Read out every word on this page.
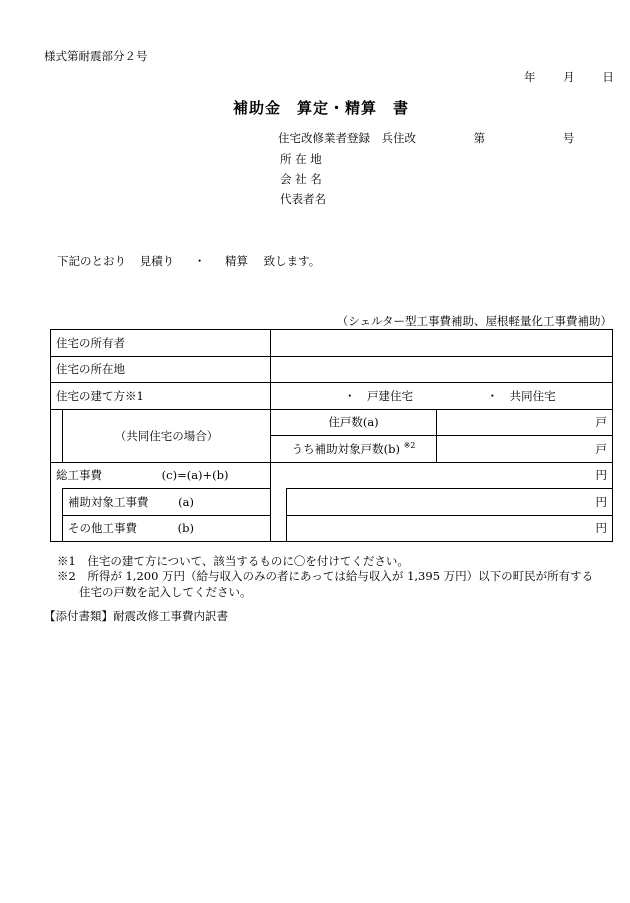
様式第耐震部分２号
年 月 日
補助金　算定・精算　書
住宅改修業者登録　兵住改	第	号
所 在 地
会 社 名
代表者名
下記のとおり 見積り ・ 精算 致します。
（シェルター型工事費補助、屋根軽量化工事費補助）
住宅の所有者				
住宅の所在地				
住宅の建て方※1		・　戸建住宅 ・　共同住宅		
	（共同住宅の場合）	住戸数(a)		戸
		うち補助対象戸数(b) $^{※2}$		戸
総工事費 (c)=(a)+(b)		円		
	補助対象工事費 (a)		円	
	その他工事費 (b)		円	
※1　住宅の建て方について、該当するものに〇を付けてください。
※2　所得が 1,200 万円（給与収入のみの者にあっては給与収入が 1,395 万円）以下の町民が所有する
住宅の戸数を記入してください。
【添付書類】耐震改修工事費内訳書
